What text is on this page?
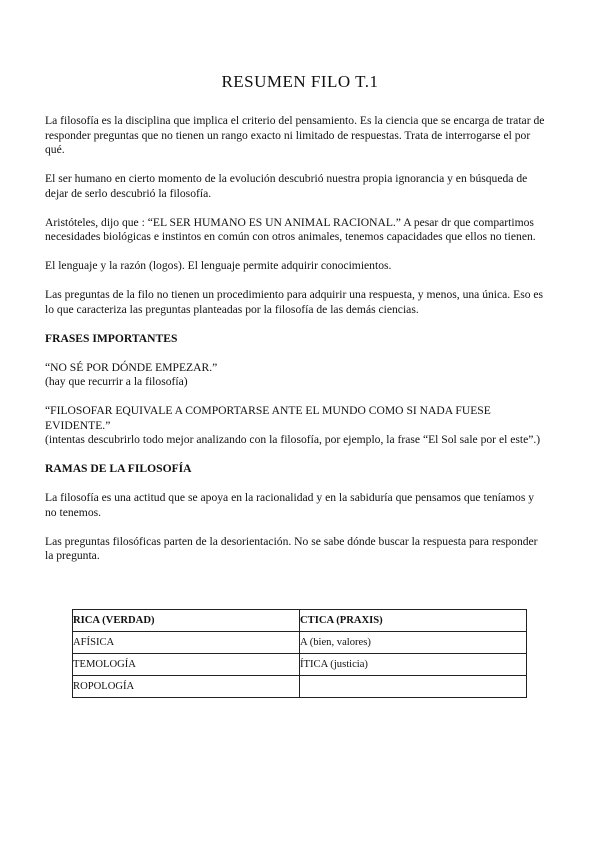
RESUMEN FILO T.1

La filosofía es la disciplina que implica el criterio del pensamiento. Es la ciencia que se encarga de tratar de responder preguntas que no tienen un rango exacto ni limitado de respuestas. Trata de interrogarse el por qué.

El ser humano en cierto momento de la evolución descubrió nuestra propia ignorancia y en búsqueda de dejar de serlo descubrió la filosofía.

Aristóteles, dijo que : “EL SER HUMANO ES UN ANIMAL RACIONAL.” A pesar dr que compartimos necesidades biológicas e instintos en común con otros animales, tenemos capacidades que ellos no tienen.

El lenguaje y la razón (logos). El lenguaje permite adquirir conocimientos.

Las preguntas de la filo no tienen un procedimiento para adquirir una respuesta, y menos, una única. Eso es lo que caracteriza las preguntas planteadas por la filosofía de las demás ciencias.

FRASES IMPORTANTES

“NO SÉ POR DÓNDE EMPEZAR.”
(hay que recurrir a la filosofía)

“FILOSOFAR EQUIVALE A COMPORTARSE ANTE EL MUNDO COMO SI NADA FUESE EVIDENTE.”
(intentas descubrirlo todo mejor analizando con la filosofía, por ejemplo, la frase “El Sol sale por el este”.)

RAMAS DE LA FILOSOFÍA

La filosofía es una actitud que se apoya en la racionalidad y en la sabiduría que pensamos que teníamos y no tenemos.

Las preguntas filosóficas parten de la desorientación. No se sabe dónde buscar la respuesta para responder la pregunta.

RICA (VERDAD)	CTICA (PRAXIS)
AFÍSICA	A (bien, valores)
TEMOLOGÍA	ÍTICA (justicia)
ROPOLOGÍA	
